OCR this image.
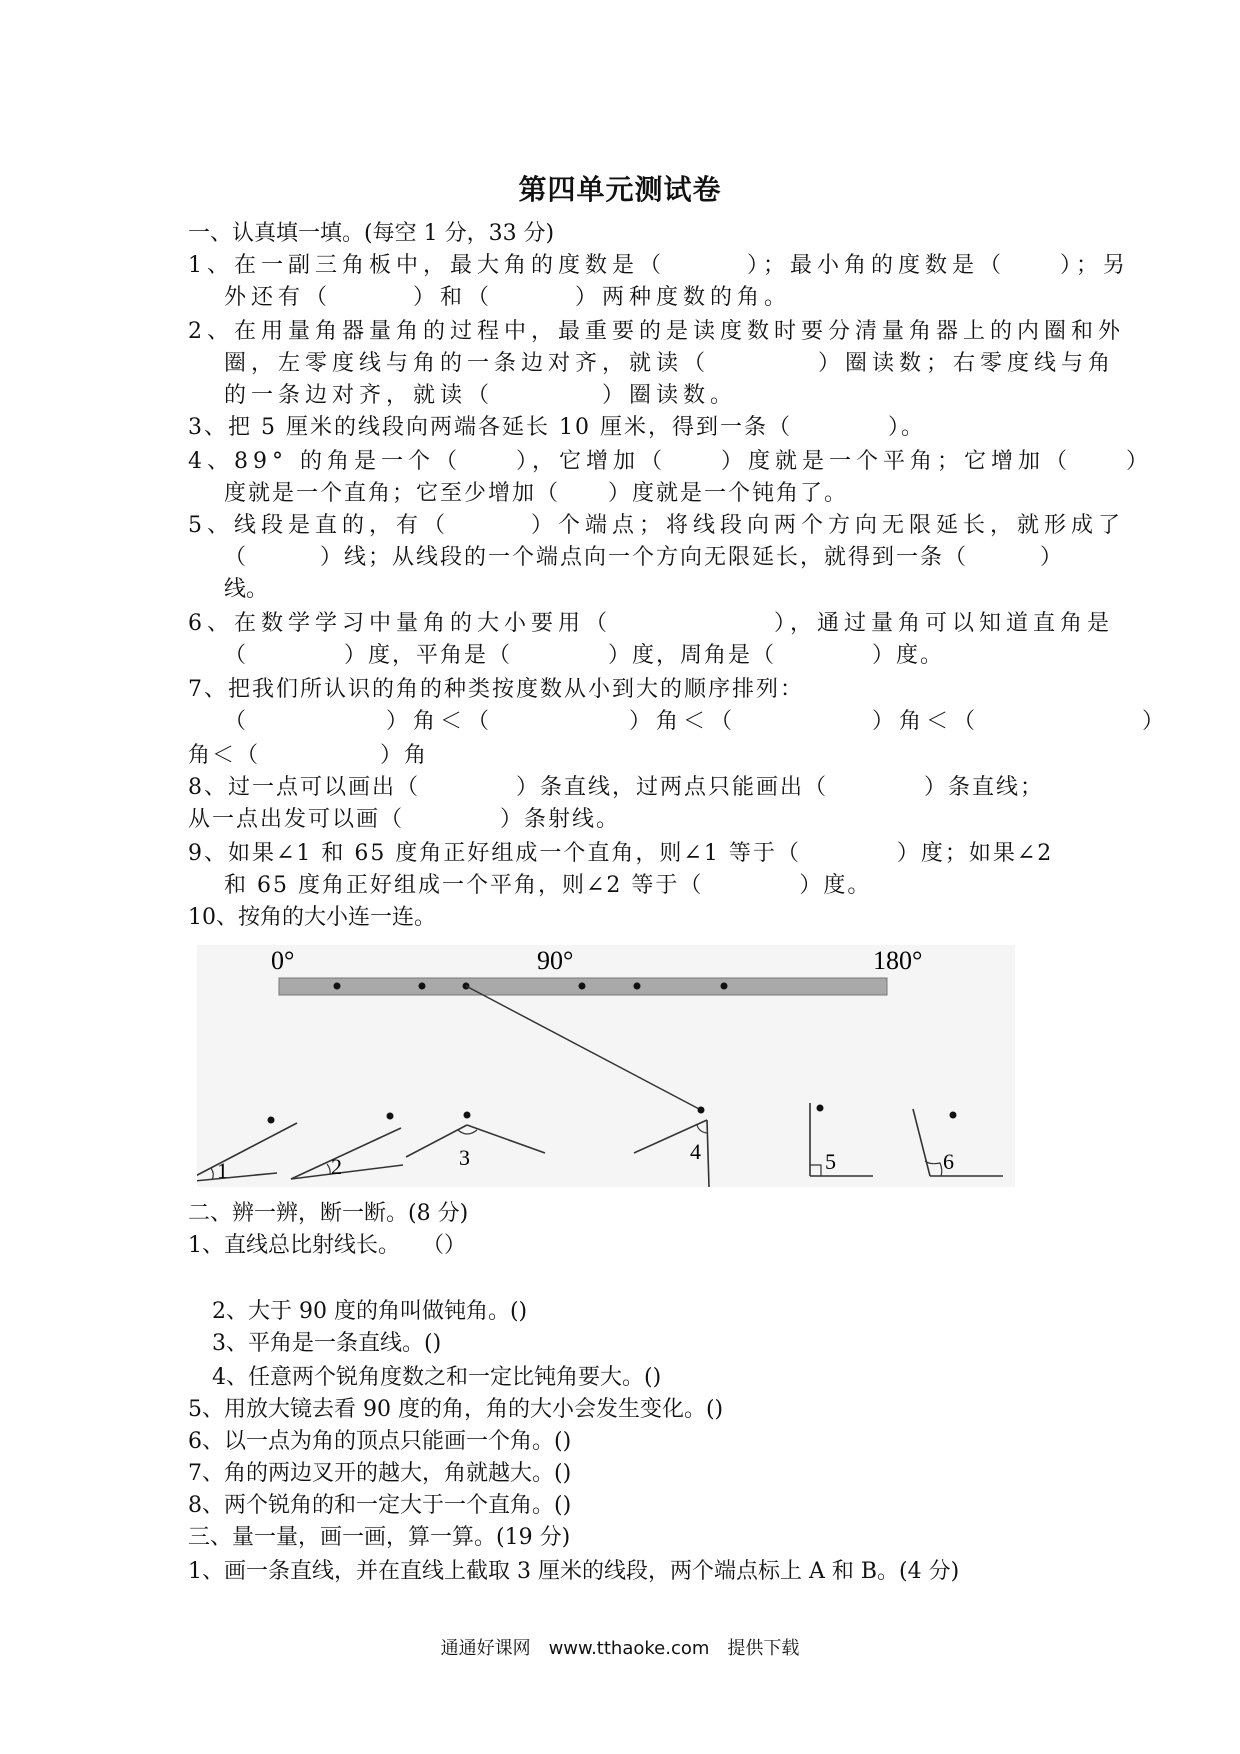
第四单元测试卷
一、认真填一填。(每空 1 分，33 分)
1、在一副三角板中，最大角的度数是（　　　）；最小角的度数是（　　）；另
外还有（　　　）和（　　　）两种度数的角。
2、在用量角器量角的过程中，最重要的是读度数时要分清量角器上的内圈和外
圈，左零度线与角的一条边对齐，就读（　　　　）圈读数；右零度线与角
的一条边对齐，就读（　　　　）圈读数。
3、把 5 厘米的线段向两端各延长 10 厘米，得到一条（　　　　）。
4、89° 的角是一个（　　），它增加（　　）度就是一个平角；它增加（　　）
度就是一个直角；它至少增加（　　）度就是一个钝角了。
5、线段是直的，有（　　　）个端点；将线段向两个方向无限延长，就形成了
（　　　）线；从线段的一个端点向一个方向无限延长，就得到一条（　　　）
线。
6、在数学学习中量角的大小要用（　　　　　　），通过量角可以知道直角是
（　　　　）度，平角是（　　　　）度，周角是（　　　　）度。
7、把我们所认识的角的种类按度数从小到大的顺序排列：
（　　　　　）角＜（　　　　　）角＜（　　　　　）角＜（　　　　　　）
角＜（　　　　　）角
8、过一点可以画出（　　　　）条直线，过两点只能画出（　　　　）条直线；
从一点出发可以画（　　　　）条射线。
9、如果∠1 和 65 度角正好组成一个直角，则∠1 等于（　　　　）度；如果∠2
和 65 度角正好组成一个平角，则∠2 等于（　　　　）度。
10、按角的大小连一连。
0°	90°	180°
1	2	3	4	5	6
二、辨一辨，断一断。(8 分)
1、直线总比射线长。　　（）
2、大于 90 度的角叫做钝角。()
3、平角是一条直线。()
4、任意两个锐角度数之和一定比钝角要大。()
5、用放大镜去看 90 度的角，角的大小会发生变化。()
6、以一点为角的顶点只能画一个角。()
7、角的两边叉开的越大，角就越大。()
8、两个锐角的和一定大于一个直角。()
三、量一量，画一画，算一算。(19 分)
1、画一条直线，并在直线上截取 3 厘米的线段，两个端点标上 A 和 B。(4 分)
通通好课网　www.tthaoke.com　提供下载
